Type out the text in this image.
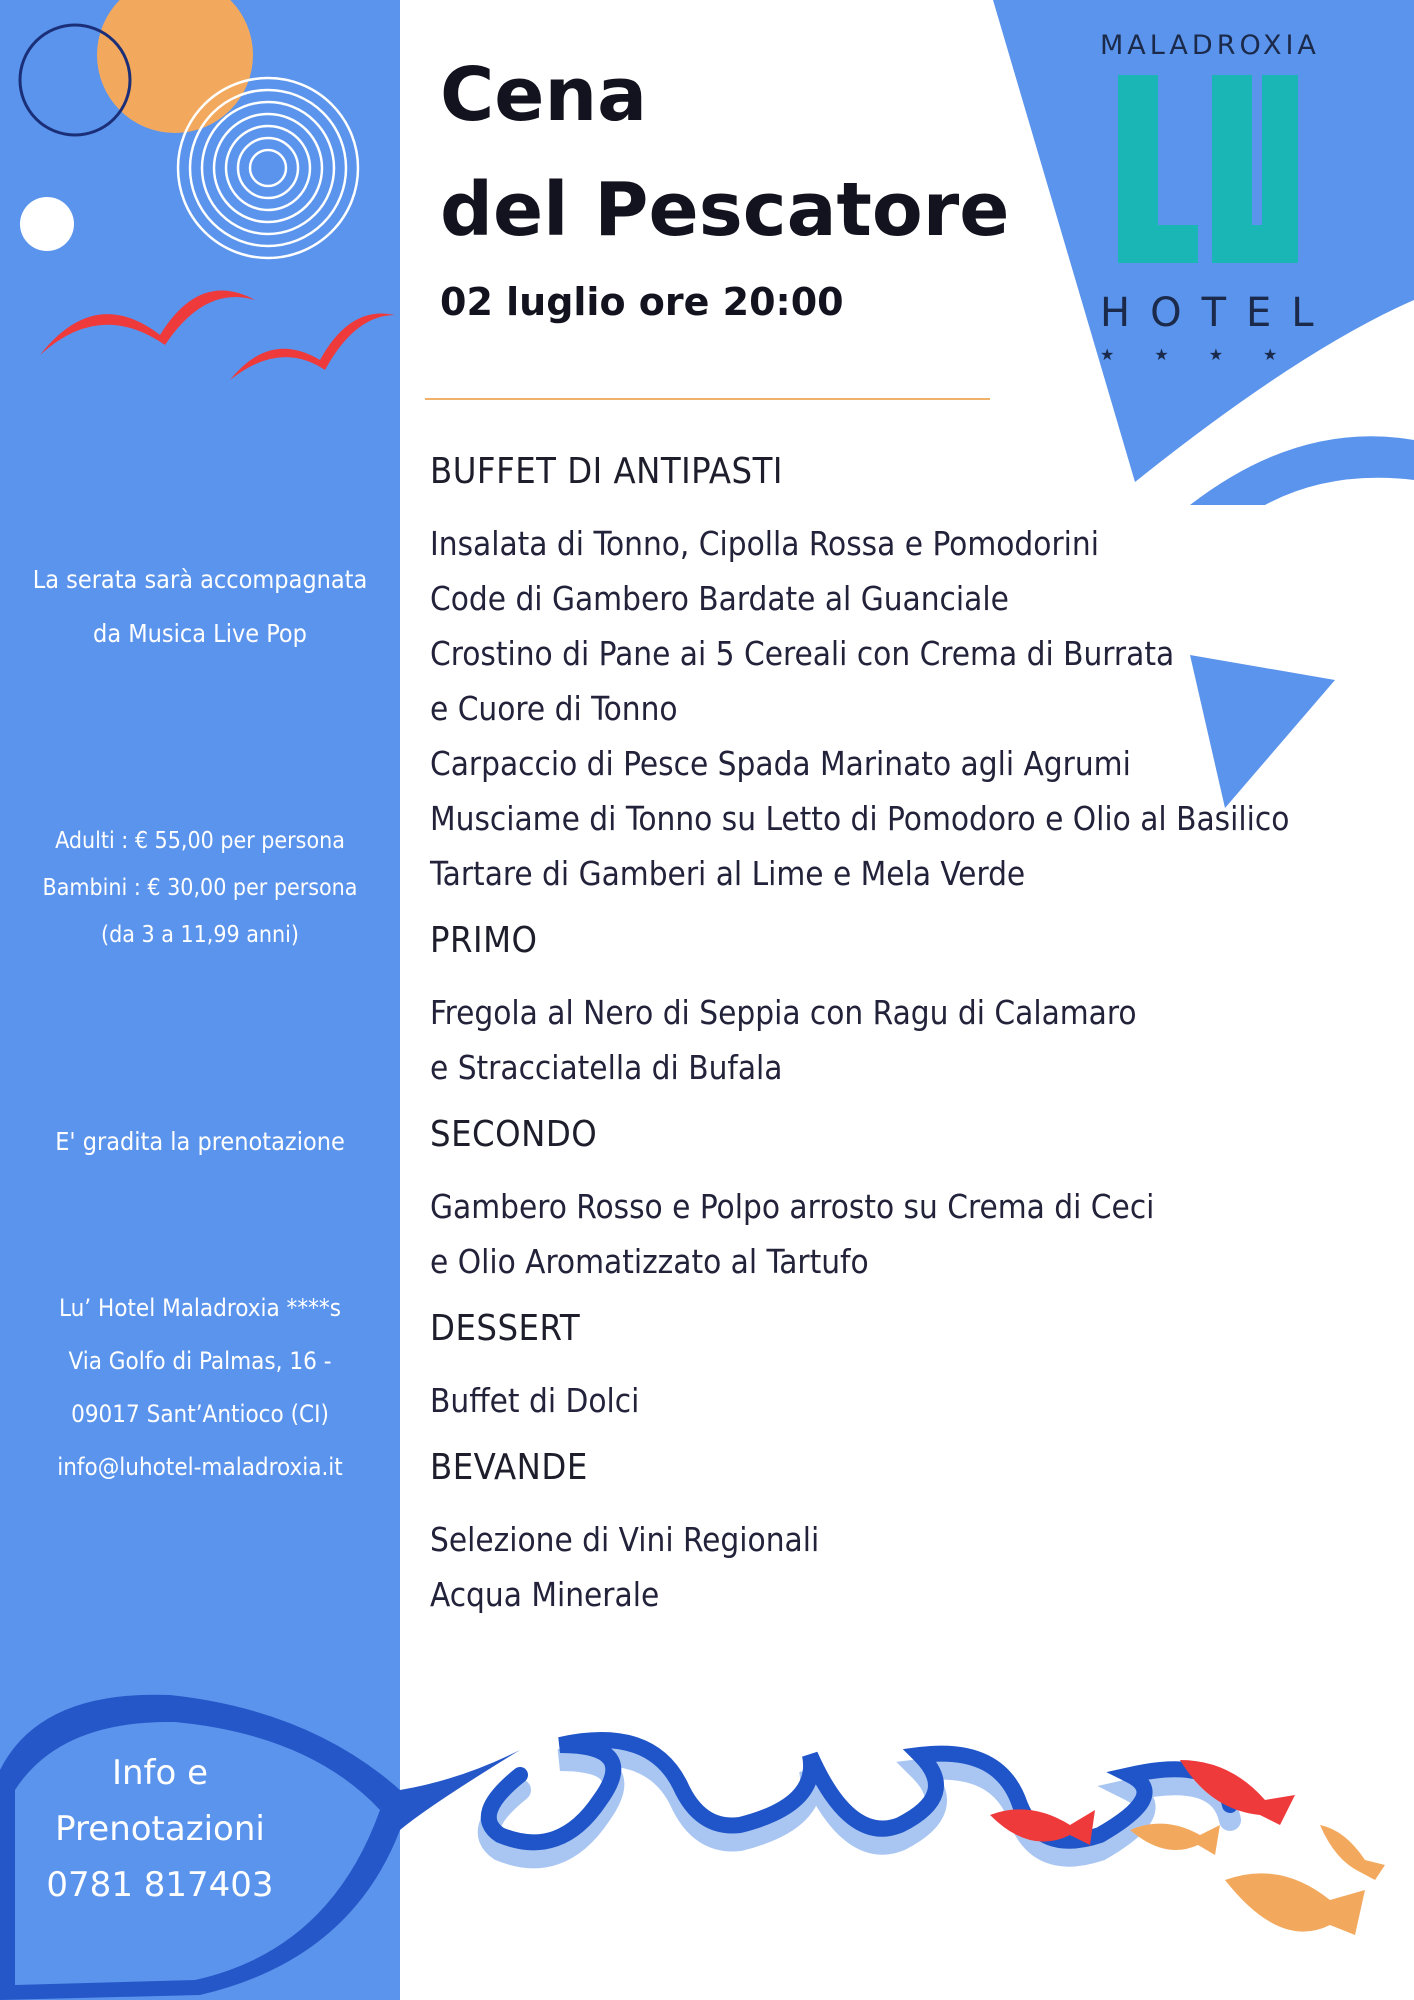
Cena
del Pescatore
02 luglio ore 20:00
MALADROXIA
HOTEL
★★★★

La serata sarà accompagnata

da Musica Live Pop

Adulti : € 55,00 per persona

Bambini : € 30,00 per persona

(da 3 a 11,99 anni)

E' gradita la prenotazione

Lu’ Hotel Maladroxia ****s

Via Golfo di Palmas, 16 -

09017 Sant’Antioco (CI)

info@luhotel-maladroxia.it

Info e

Prenotazioni

0781 817403

BUFFET DI ANTIPASTI

Insalata di Tonno, Cipolla Rossa e Pomodorini

Code di Gambero Bardate al Guanciale

Crostino di Pane ai 5 Cereali con Crema di Burrata

e Cuore di Tonno

Carpaccio di Pesce Spada Marinato agli Agrumi

Musciame di Tonno su Letto di Pomodoro e Olio al Basilico

Tartare di Gamberi al Lime e Mela Verde

PRIMO

Fregola al Nero di Seppia con Ragu di Calamaro

e Stracciatella di Bufala

SECONDO

Gambero Rosso e Polpo arrosto su Crema di Ceci

e Olio Aromatizzato al Tartufo

DESSERT

Buffet di Dolci

BEVANDE

Selezione di Vini Regionali

Acqua Minerale
